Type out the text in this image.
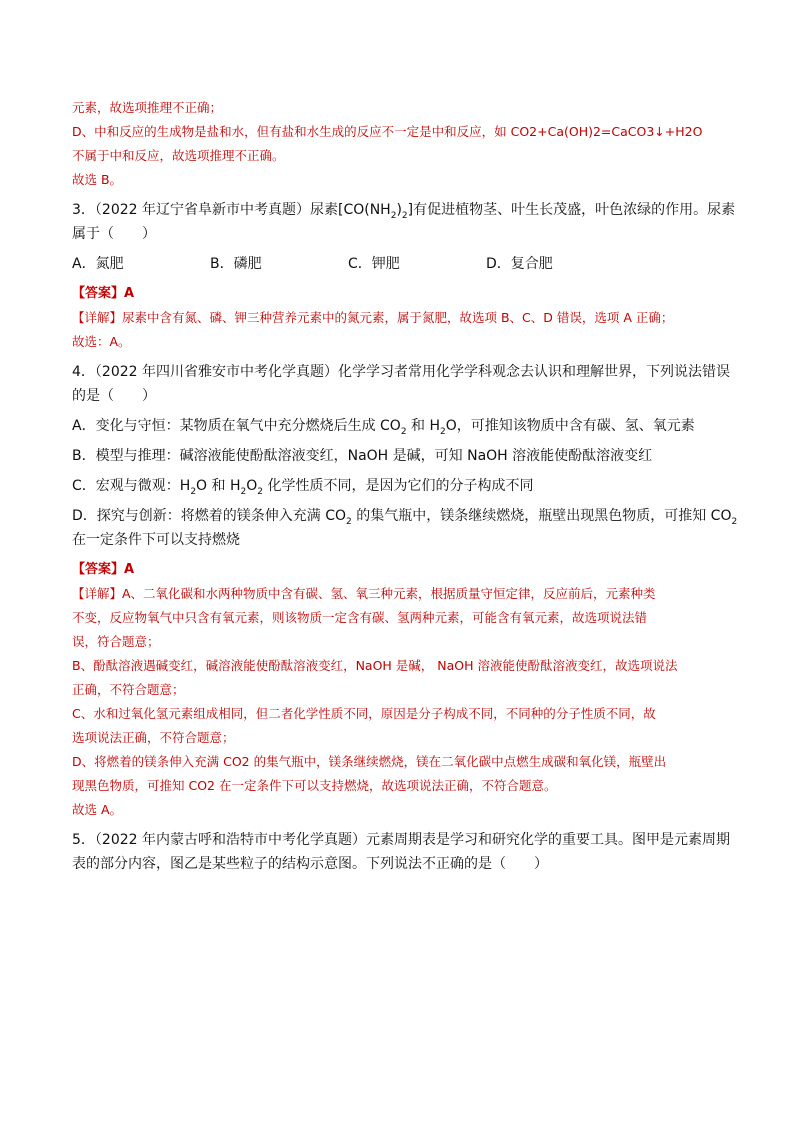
元素，故选项推理不正确；
D、中和反应的生成物是盐和水，但有盐和水生成的反应不一定是中和反应，如 CO2+Ca(OH)2=CaCO3↓+H2O
不属于中和反应，故选项推理不正确。
故选 B。
3．（2022 年辽宁省阜新市中考真题）尿素$[CO(NH_2)_2]$有促进植物茎、叶生长茂盛，叶色浓绿的作用。尿素
属于（　　）
A．氮肥	B．磷肥	C．钾肥	D．复合肥
【答案】A
【详解】尿素中含有氮、磷、钾三种营养元素中的氮元素，属于氮肥，故选项 B、C、D 错误，选项 A 正确；
故选：A。
4．（2022 年四川省雅安市中考化学真题）化学学习者常用化学学科观念去认识和理解世界，下列说法错误
的是（　　）
A．变化与守恒：某物质在氧气中充分燃烧后生成 $CO_2$ 和 $H_2O$，可推知该物质中含有碳、氢、氧元素
B．模型与推理：碱溶液能使酚酞溶液变红，NaOH 是碱，可知 NaOH 溶液能使酚酞溶液变红
C．宏观与微观：$H_2O$ 和 $H_2O_2$ 化学性质不同，是因为它们的分子构成不同
D．探究与创新：将燃着的镁条伸入充满 $CO_2$ 的集气瓶中，镁条继续燃烧，瓶壁出现黑色物质，可推知 $CO_2$
在一定条件下可以支持燃烧
【答案】A
【详解】A、二氧化碳和水两种物质中含有碳、氢、氧三种元素，根据质量守恒定律，反应前后，元素种类
不变，反应物氧气中只含有氧元素，则该物质一定含有碳、氢两种元素，可能含有氧元素，故选项说法错
误，符合题意；
B、酚酞溶液遇碱变红，碱溶液能使酚酞溶液变红，NaOH 是碱， NaOH 溶液能使酚酞溶液变红，故选项说法
正确，不符合题意；
C、水和过氧化氢元素组成相同，但二者化学性质不同，原因是分子构成不同，不同种的分子性质不同，故
选项说法正确，不符合题意；
D、将燃着的镁条伸入充满 CO2 的集气瓶中，镁条继续燃烧，镁在二氧化碳中点燃生成碳和氧化镁，瓶壁出
现黑色物质，可推知 CO2 在一定条件下可以支持燃烧，故选项说法正确，不符合题意。
故选 A。
5．（2022 年内蒙古呼和浩特市中考化学真题）元素周期表是学习和研究化学的重要工具。图甲是元素周期
表的部分内容，图乙是某些粒子的结构示意图。下列说法不正确的是（　　）
